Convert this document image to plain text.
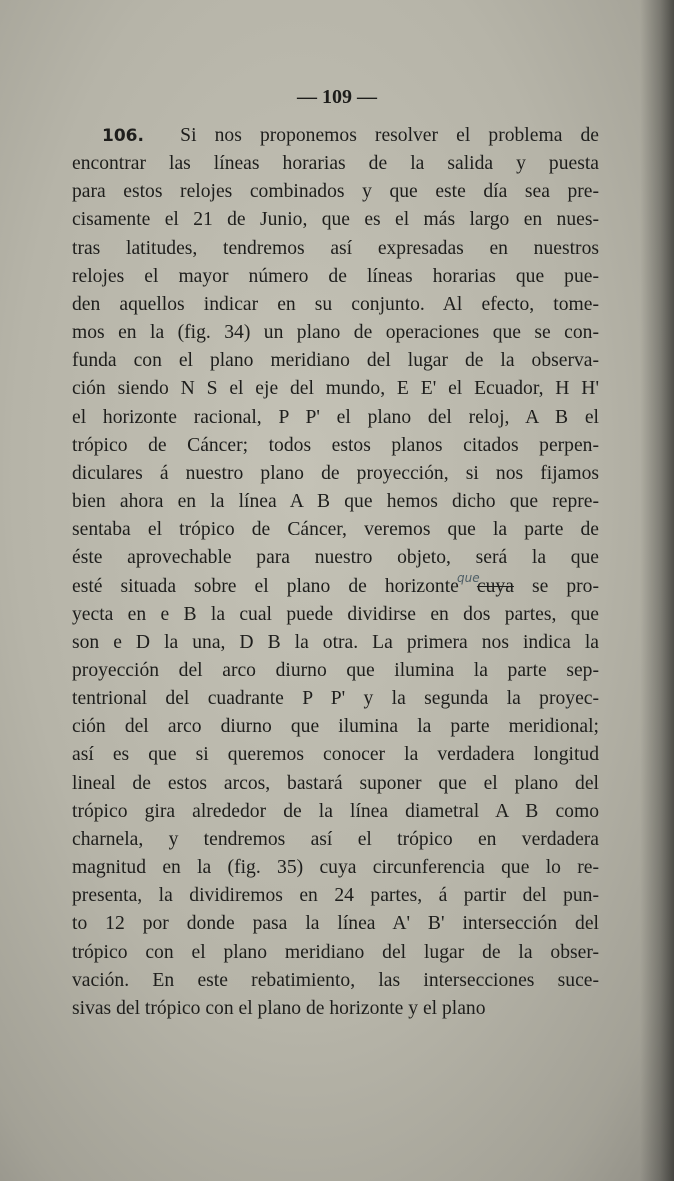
— 109 —
106. Si nos proponemos resolver el problema de
encontrar las líneas horarias de la salida y puesta
para estos relojes combinados y que este día sea pre-
cisamente el 21 de Junio, que es el más largo en nues-
tras latitudes, tendremos así expresadas en nuestros
relojes el mayor número de líneas horarias que pue-
den aquellos indicar en su conjunto. Al efecto, tome-
mos en la (fig. 34) un plano de operaciones que se con-
funda con el plano meridiano del lugar de la observa-
ción siendo N S el eje del mundo, E E' el Ecuador, H H'
el horizonte racional, P P' el plano del reloj, A B el
trópico de Cáncer; todos estos planos citados perpen-
diculares á nuestro plano de proyección, si nos fijamos
bien ahora en la línea A B que hemos dicho que repre-
sentaba el trópico de Cáncer, veremos que la parte de
éste aprovechable para nuestro objeto, será la que
esté situada sobre el plano de horizonte cuya se pro-
yecta en e B la cual puede dividirse en dos partes, que
son e D la una, D B la otra. La primera nos indica la
proyección del arco diurno que ilumina la parte sep-
tentrional del cuadrante P P' y la segunda la proyec-
ción del arco diurno que ilumina la parte meridional;
así es que si queremos conocer la verdadera longitud
lineal de estos arcos, bastará suponer que el plano del
trópico gira alrededor de la línea diametral A B como
charnela, y tendremos así el trópico en verdadera
magnitud en la (fig. 35) cuya circunferencia que lo re-
presenta, la dividiremos en 24 partes, á partir del pun-
to 12 por donde pasa la línea A' B' intersección del
trópico con el plano meridiano del lugar de la obser-
vación. En este rebatimiento, las intersecciones suce-
sivas del trópico con el plano de horizonte y el plano
que
